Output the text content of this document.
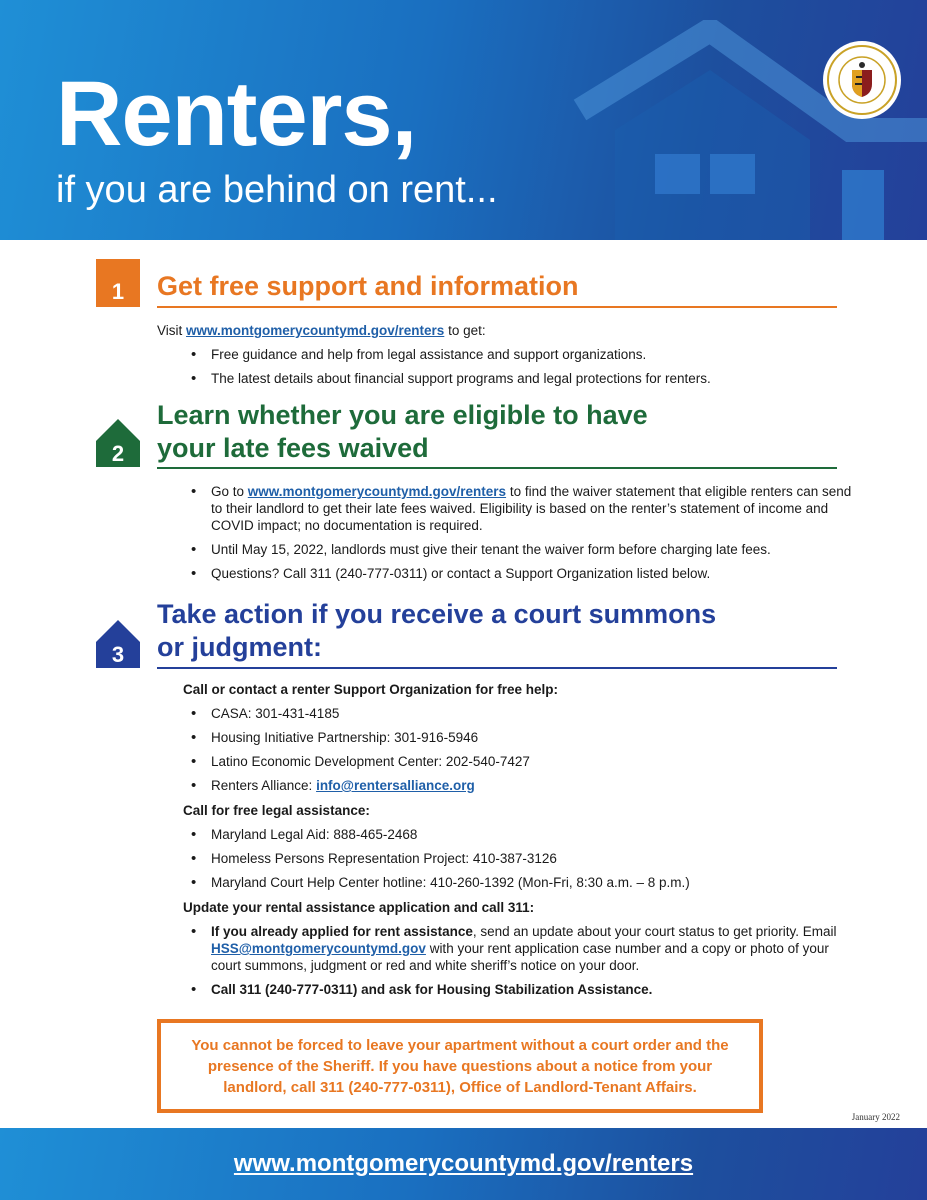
Renters,

if you are behind on rent...

1 Get free support and information
Visit www.montgomerycountymd.gov/renters to get:
• Free guidance and help from legal assistance and support organizations.
• The latest details about financial support programs and legal protections for renters.
2
Learn whether you are eligible to have
your late fees waived
• Go to www.montgomerycountymd.gov/renters to find the waiver statement that eligible renters can send to their landlord to get their late fees waived. Eligibility is based on the renter’s statement of income and COVID impact; no documentation is required.
• Until May 15, 2022, landlords must give their tenant the waiver form before charging late fees.
• Questions? Call 311 (240-777-0311) or contact a Support Organization listed below.
3
Take action if you receive a court summons
or judgment:
Call or contact a renter Support Organization for free help:
• CASA: 301-431-4185
• Housing Initiative Partnership: 301-916-5946
• Latino Economic Development Center: 202-540-7427
• Renters Alliance: info@rentersalliance.org
Call for free legal assistance:
• Maryland Legal Aid: 888-465-2468
• Homeless Persons Representation Project: 410-387-3126
• Maryland Court Help Center hotline: 410-260-1392 (Mon-Fri, 8:30 a.m. – 8 p.m.)
Update your rental assistance application and call 311:
• If you already applied for rent assistance, send an update about your court status to get priority. Email HSS@montgomerycountymd.gov with your rent application case number and a copy or photo of your court summons, judgment or red and white sheriff’s notice on your door.
• Call 311 (240-777-0311) and ask for Housing Stabilization Assistance.

You cannot be forced to leave your apartment without a court order and the presence of the Sheriff. If you have questions about a notice from your landlord, call 311 (240-777-0311), Office of Landlord-Tenant Affairs.

January 2022
www.montgomerycountymd.gov/renters
